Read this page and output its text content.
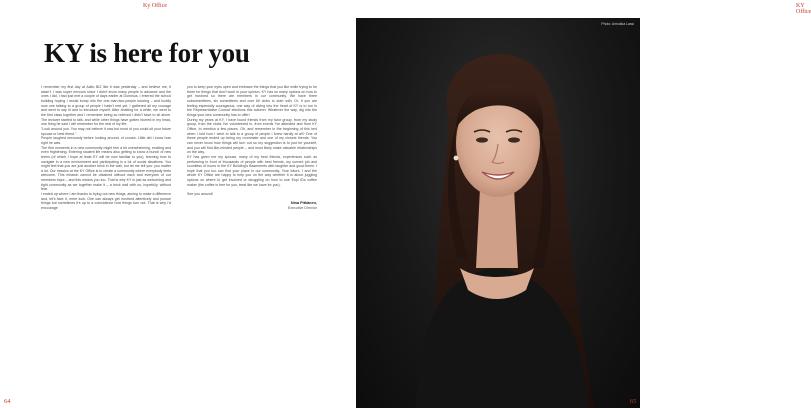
Ky Office
KY is here for you

I remember my first day at Aalto BIZ like it was yesterday – and believe me, it wasn't. I was super nervous since I didn't know many people in advance and the ones I did, I had just met a couple of days earlier at Dominus. I entered the school building hoping I would bump into the one-man-two-people tutoring – and luckily now one talking to a group of people I hadn't met yet. I gathered all my courage and went to say hi and to introduce myself. After chatting for a while, we went to the first class together and I remember being so relieved I didn't have to sit alone. The lecturer started to talk, and while other things have gotten blurred in my head, one thing he said I will remember for the rest of my life:

"Look around you. You may not believe it now but most of you could sit your future spouse or best friend."

People laughed nervously before looking around, of course. Little did I know how right he was.

The first moments in a new community might feel a bit overwhelming, exciting and even frightening. Entering student life means also getting to know a bunch of new terms (of which I hope at least KY will be now familiar to you), learning how to navigate in a new environment and participating in a lot of social situations. You might feel that you are just another brick in the wall, but let me tell you: you matter a lot. Our mission at the KY Office is to create a community where everybody feels welcome. This mission cannot be obtained without each and everyone of our members input – and this means you too. That is why KY is just as welcoming and tight community as we together make it – a brick wall with us, hopefully, without fear.

I ended up where I am thanks to trying out new things, aiming to make a difference and, let's face it, mere luck. One can always get involved attentively and pursue things but sometimes it's up to a coincidence how things turn out. That is why I'd encourage

you to keep your eyes open and embrace the things that you like while trying to be there for things that don't work in your opinion. KY has so many options on how to get involved so there are members in our community. We have three subcommittees, six committees and over 60 clubs to start with. Or, if you are feeling especially courageous, one way of diving into the heart of KY is to run in the Representative Council elections this autumn. Whatever the way, dig into the things your new community has to offer!

During my years at KY, I have found friends from my tutor group, from my study group, from the clubs I've volunteered in, from events I've attended and from KY Office, to mention a few places. Oh, and remember in the beginning of this text when I told how I went to talk to a group of people I knew hardly at all? One of these people ended up being my roommate and one of my closest friends. You can never know how things will turn out so my suggestion is to just be yourself, and you will find like-minded people – and most likely make valuable relationships on the way.

KY has given me my spouse, many of my best friends, experiences such as performing in front of thousands of people with best friends, my current job and countless of hours in the KY Building's Basements with laughter and good times. I hope that you too can find your place in our community. Your tutors, I and the whole KY Office are happy to help you on the way whether it is about juggling options on where to get involved or struggling on how to use Espi IDs coffee maker (the coffee is free for you, treat like we have for you).

See you around!

Nina Pitkänen,
Executive Director
64
KY Office
Photo: Annukka Lassi
65
